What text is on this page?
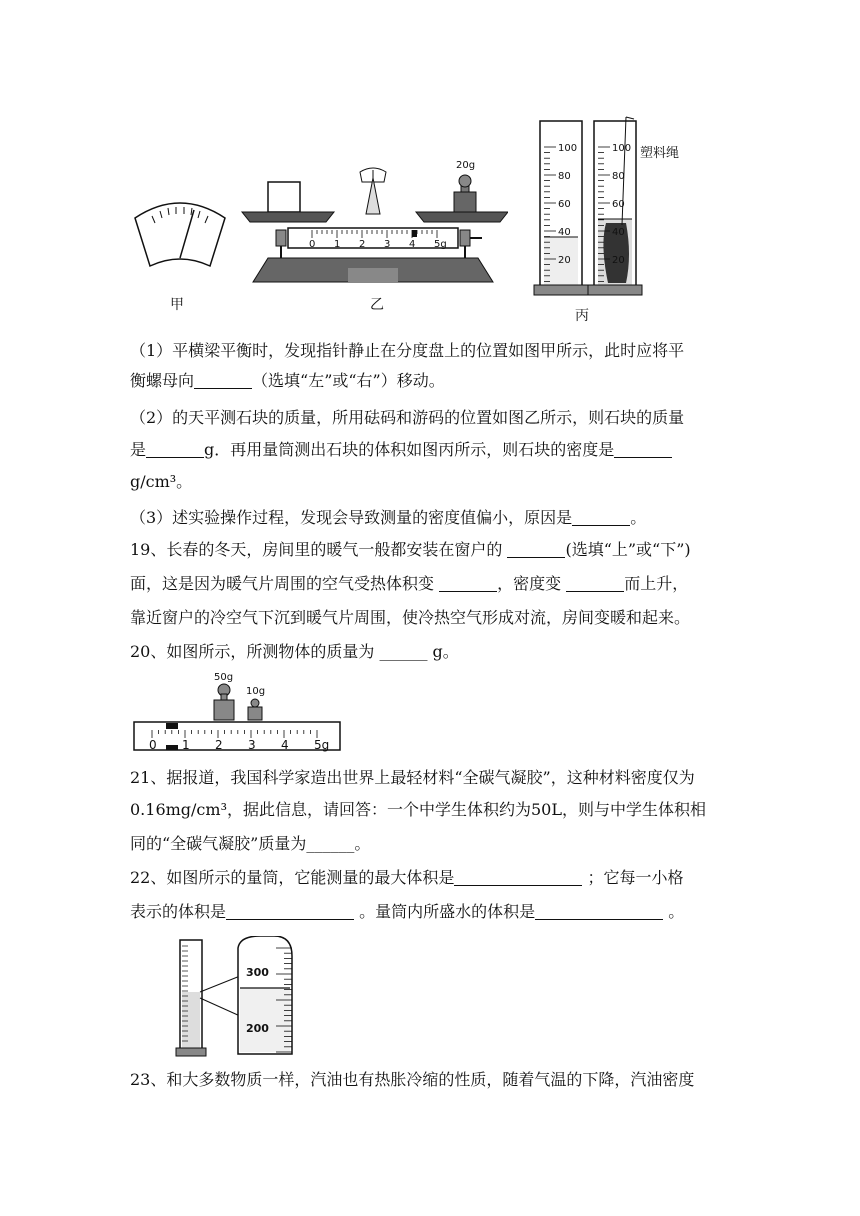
甲
20g
0 1 2 3 4 5g
乙
100
80
60
40
20
100
80
60
40
20
塑料绳
丙
（1）平横梁平衡时，发现指针静止在分度盘上的位置如图甲所示，此时应将平
衡螺母向	（选填“左”或“右”）移动。
（2）的天平测石块的质量，所用砝码和游码的位置如图乙所示，则石块的质量
是	g．再用量筒测出石块的体积如图丙所示，则石块的密度是
g/cm³。
（3）述实验操作过程，发现会导致测量的密度值偏小，原因是	。
19、长春的冬天，房间里的暖气一般都安装在窗户的	(选填“上”或“下”)
面，这是因为暖气片周围的空气受热体积变	，密度变	而上升，
靠近窗户的冷空气下沉到暖气片周围，使冷热空气形成对流，房间变暖和起来。
20、如图所示，所测物体的质量为 ______ g。
50g
10g
0 1 2 3 4 5g
21、据报道，我国科学家造出世界上最轻材料“全碳气凝胶”，这种材料密度仅为
0.16mg/cm³，据此信息，请回答：一个中学生体积约为50L，则与中学生体积相
同的“全碳气凝胶”质量为______。
22、如图所示的量筒，它能测量的最大体积是	；它每一小格
表示的体积是	。量筒内所盛水的体积是	。
300
200
23、和大多数物质一样，汽油也有热胀冷缩的性质，随着气温的下降，汽油密度
